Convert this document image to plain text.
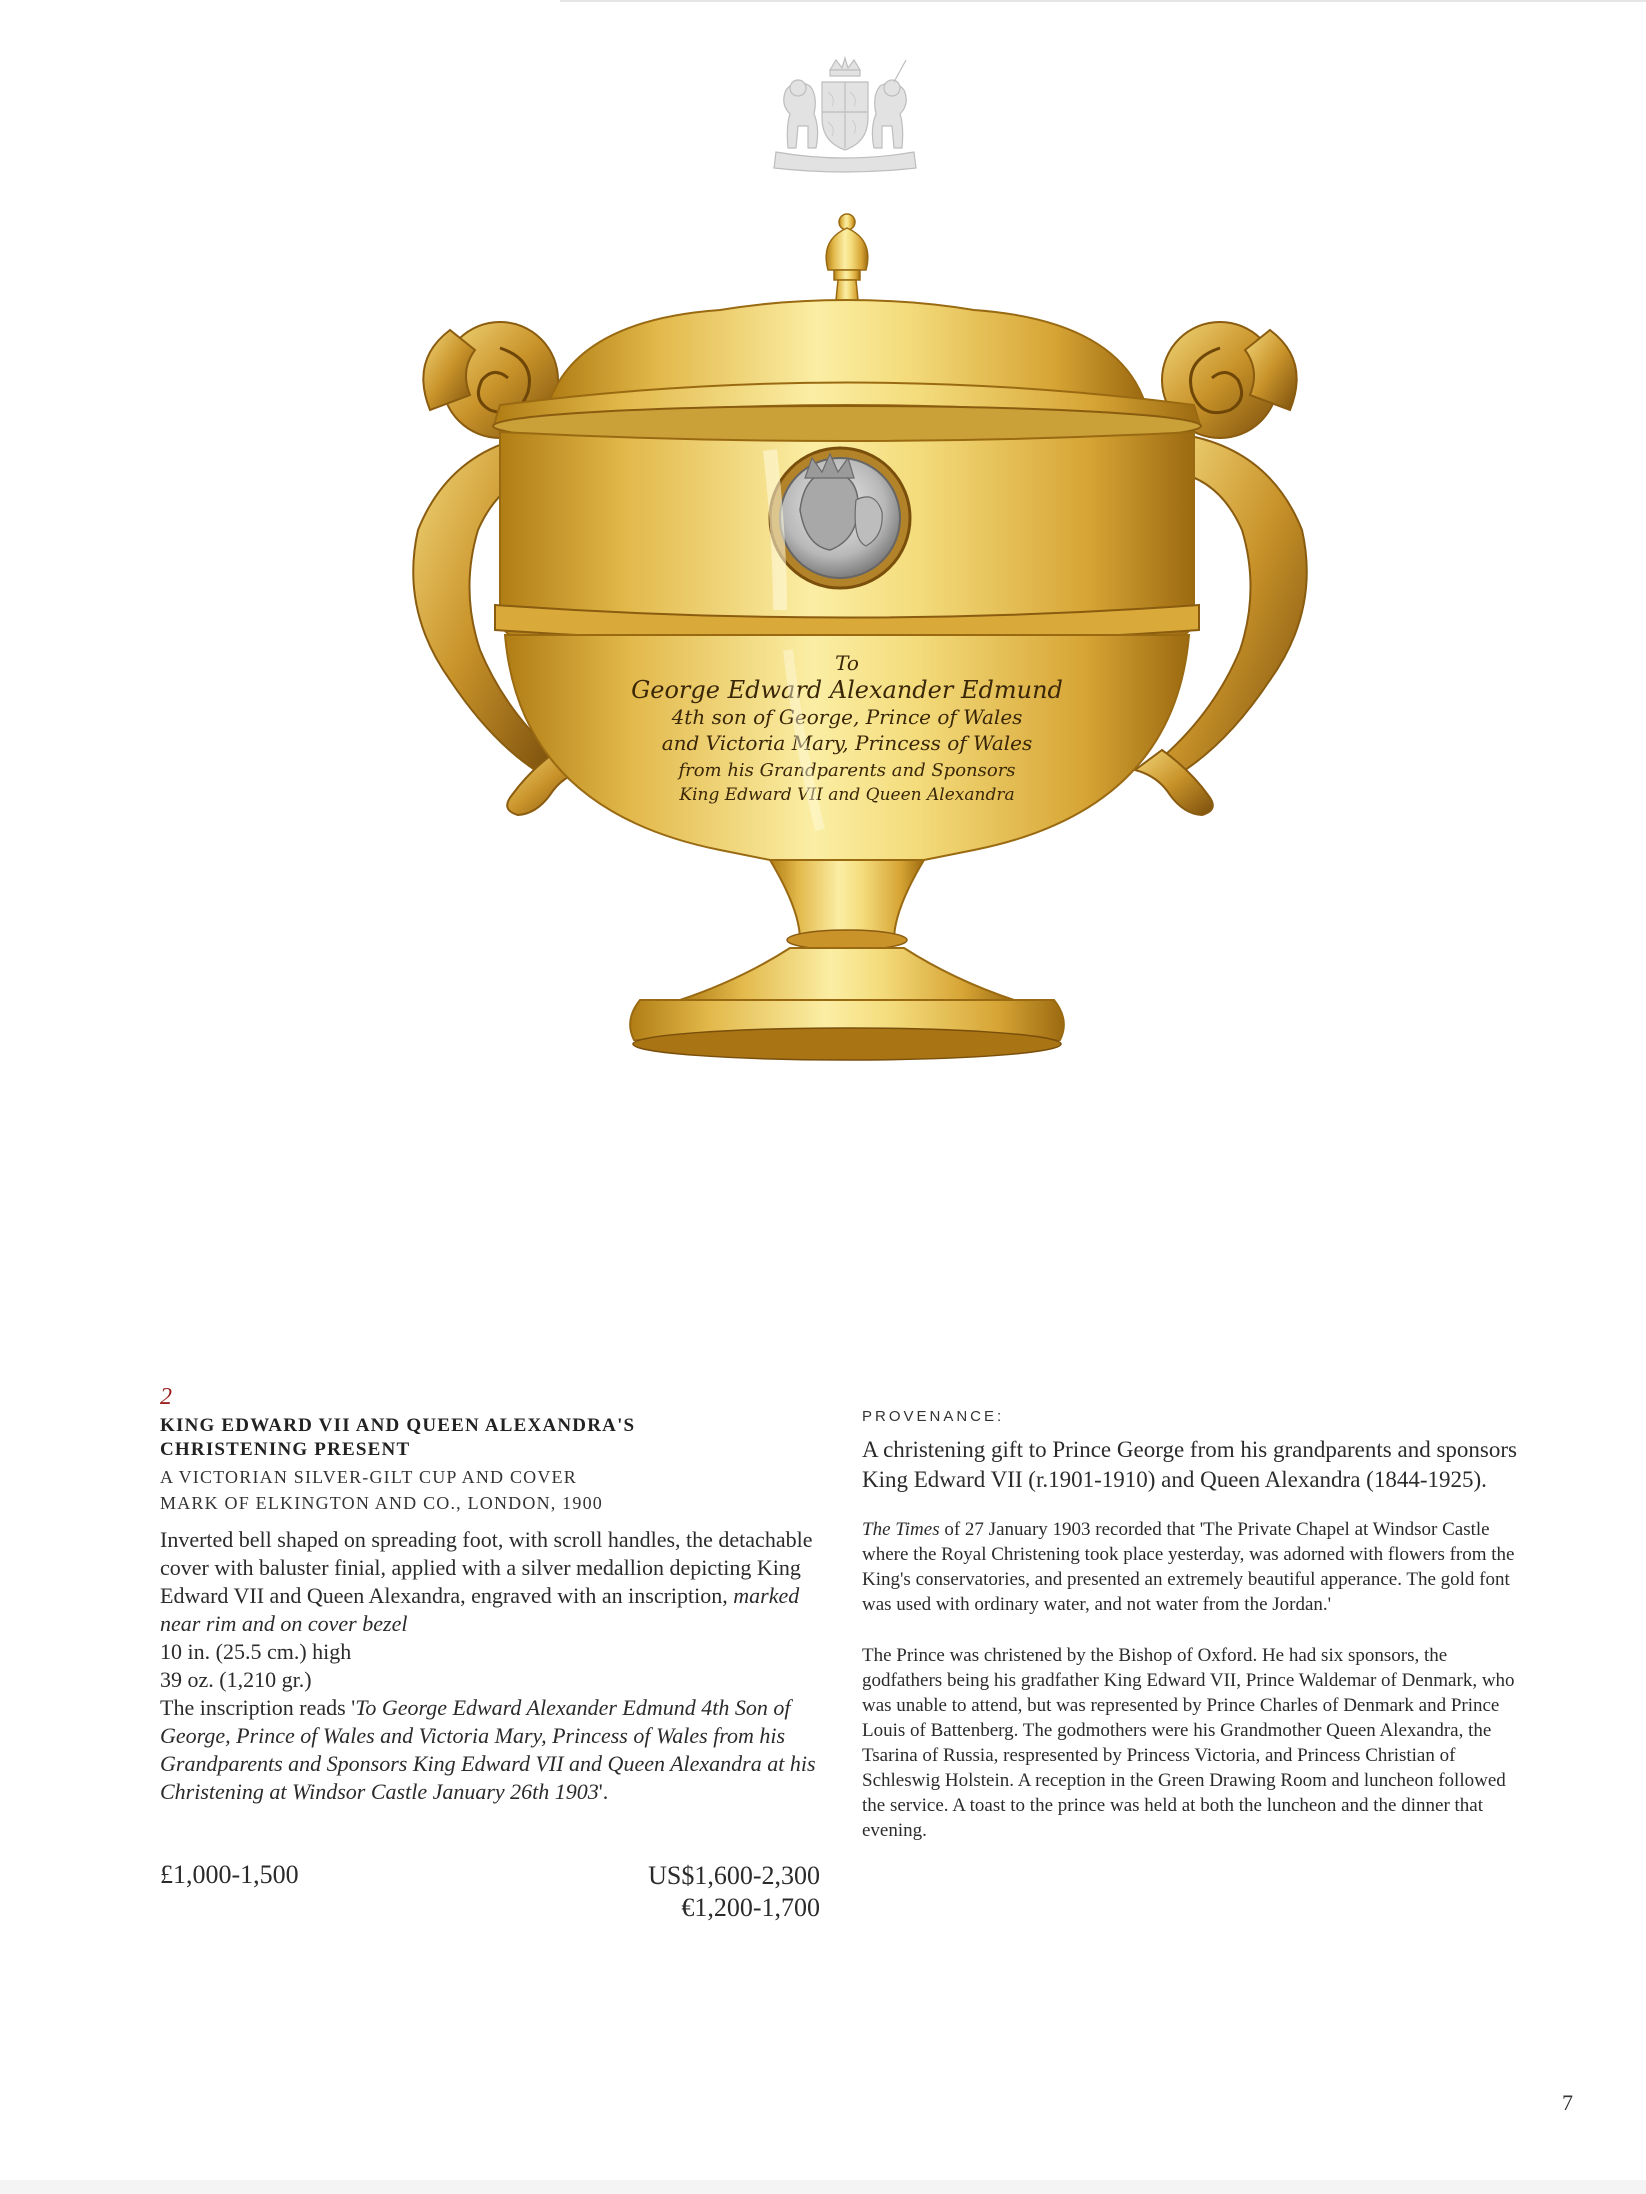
To
George Edward Alexander Edmund
4th son of George, Prince of Wales
and Victoria Mary, Princess of Wales
from his Grandparents and Sponsors
King Edward VII and Queen Alexandra
2
KING EDWARD VII AND QUEEN ALEXANDRA'S
CHRISTENING PRESENT
A VICTORIAN SILVER-GILT CUP AND COVER
MARK OF ELKINGTON AND CO., LONDON, 1900
Inverted bell shaped on spreading foot, with scroll handles, the detachable cover with baluster finial, applied with a silver medallion depicting King Edward VII and Queen Alexandra, engraved with an inscription, marked near rim and on cover bezel
10 in. (25.5 cm.) high
39 oz. (1,210 gr.)
The inscription reads 'To George Edward Alexander Edmund 4th Son of George, Prince of Wales and Victoria Mary, Princess of Wales from his Grandparents and Sponsors King Edward VII and Queen Alexandra at his Christening at Windsor Castle January 26th 1903'.
£1,000-1,500	US$1,600-2,300
€1,200-1,700
PROVENANCE:
A christening gift to Prince George from his grandparents and sponsors King Edward VII (r.1901-1910) and Queen Alexandra (1844-1925).
The Times of 27 January 1903 recorded that 'The Private Chapel at Windsor Castle where the Royal Christening took place yesterday, was adorned with flowers from the King's conservatories, and presented an extremely beautiful apperance. The gold font was used with ordinary water, and not water from the Jordan.'
The Prince was christened by the Bishop of Oxford. He had six sponsors, the godfathers being his gradfather King Edward VII, Prince Waldemar of Denmark, who was unable to attend, but was represented by Prince Charles of Denmark and Prince Louis of Battenberg. The godmothers were his Grandmother Queen Alexandra, the Tsarina of Russia, respresented by Princess Victoria, and Princess Christian of Schleswig Holstein. A reception in the Green Drawing Room and luncheon followed the service. A toast to the prince was held at both the luncheon and the dinner that evening.
7
